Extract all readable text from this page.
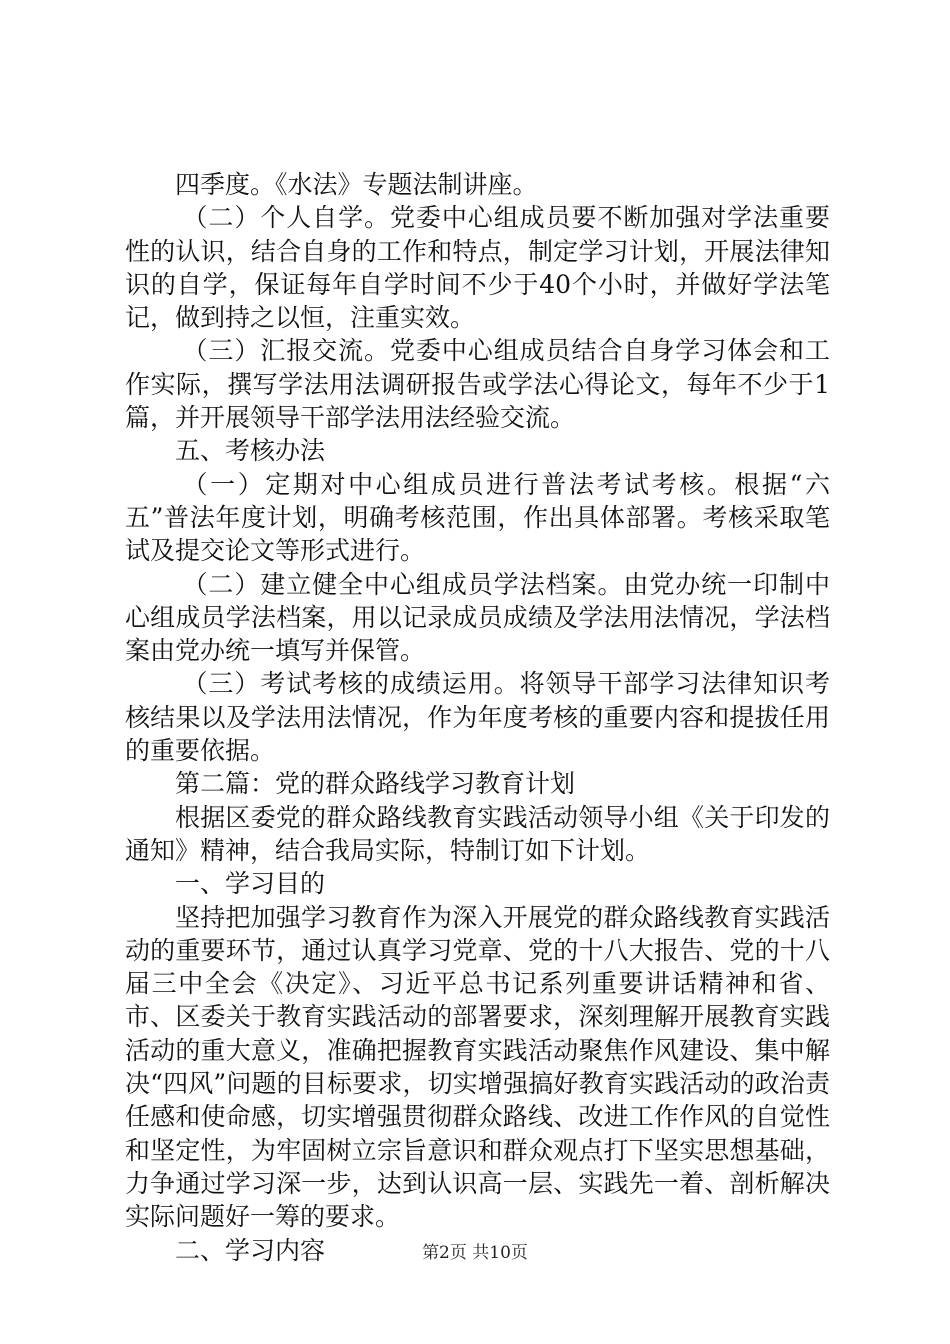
四季度。《水法》专题法制讲座。

（二）个人自学。党委中心组成员要不断加强对学法重要性的认识，结合自身的工作和特点，制定学习计划，开展法律知识的自学，保证每年自学时间不少于40个小时，并做好学法笔记，做到持之以恒，注重实效。

（三）汇报交流。党委中心组成员结合自身学习体会和工作实际，撰写学法用法调研报告或学法心得论文，每年不少于1篇，并开展领导干部学法用法经验交流。

五、考核办法

（一）定期对中心组成员进行普法考试考核。根据“六五”普法年度计划，明确考核范围，作出具体部署。考核采取笔试及提交论文等形式进行。

（二）建立健全中心组成员学法档案。由党办统一印制中心组成员学法档案，用以记录成员成绩及学法用法情况，学法档案由党办统一填写并保管。

（三）考试考核的成绩运用。将领导干部学习法律知识考核结果以及学法用法情况，作为年度考核的重要内容和提拔任用的重要依据。

第二篇：党的群众路线学习教育计划

根据区委党的群众路线教育实践活动领导小组《关于印发的通知》精神，结合我局实际，特制订如下计划。

一、学习目的

坚持把加强学习教育作为深入开展党的群众路线教育实践活动的重要环节，通过认真学习党章、党的十八大报告、党的十八届三中全会《决定》、习近平总书记系列重要讲话精神和省、市、区委关于教育实践活动的部署要求，深刻理解开展教育实践活动的重大意义，准确把握教育实践活动聚焦作风建设、集中解决“四风”问题的目标要求，切实增强搞好教育实践活动的政治责任感和使命感，切实增强贯彻群众路线、改进工作作风的自觉性和坚定性，为牢固树立宗旨意识和群众观点打下坚实思想基础，力争通过学习深一步，达到认识高一层、实践先一着、剖析解决实际问题好一筹的要求。

二、学习内容	第2页 共10页
